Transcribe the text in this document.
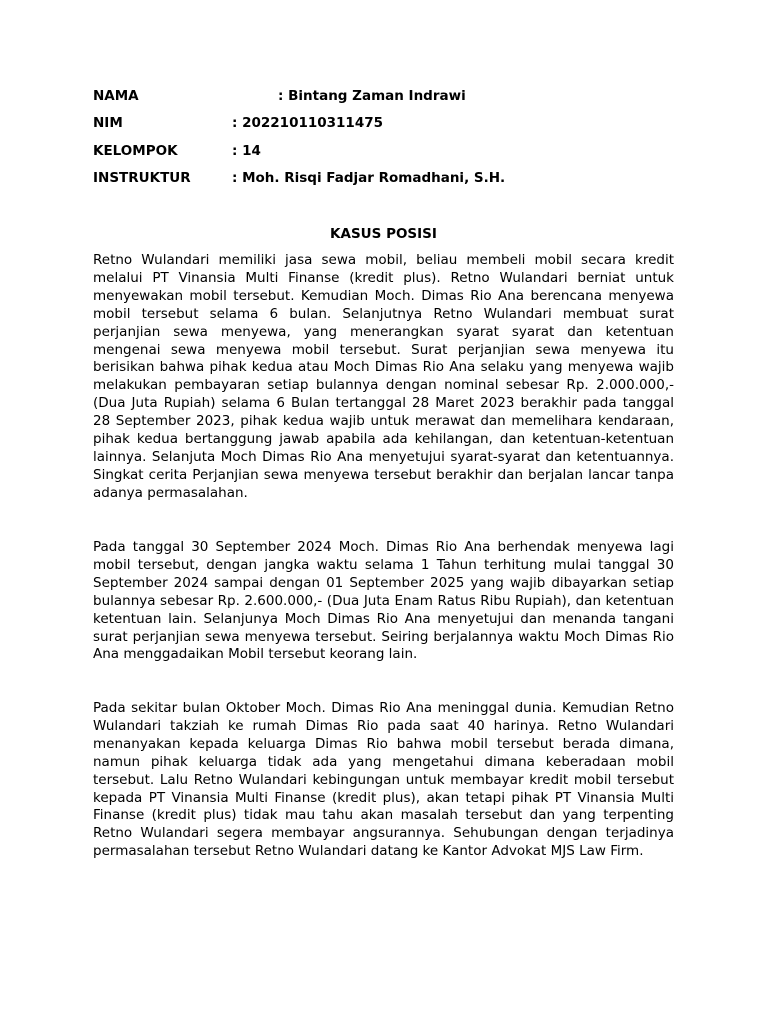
NAMA	: Bintang Zaman Indrawi
NIM	: 202210110311475
KELOMPOK	: 14
INSTRUKTUR	: Moh. Risqi Fadjar Romadhani, S.H.
KASUS POSISI

Retno Wulandari memiliki jasa sewa mobil, beliau membeli mobil secara kredit melalui PT Vinansia Multi Finanse (kredit plus). Retno Wulandari berniat untuk menyewakan mobil tersebut. Kemudian Moch. Dimas Rio Ana berencana menyewa mobil tersebut selama 6 bulan. Selanjutnya Retno Wulandari membuat surat perjanjian sewa menyewa, yang menerangkan syarat syarat dan ketentuan mengenai sewa menyewa mobil tersebut. Surat perjanjian sewa menyewa itu berisikan bahwa pihak kedua atau Moch Dimas Rio Ana selaku yang menyewa wajib melakukan pembayaran setiap bulannya dengan nominal sebesar Rp. 2.000.000,- (Dua Juta Rupiah) selama 6 Bulan tertanggal 28 Maret 2023 berakhir pada tanggal 28 September 2023, pihak kedua wajib untuk merawat dan memelihara kendaraan, pihak kedua bertanggung jawab apabila ada kehilangan, dan ketentuan-ketentuan lainnya. Selanjuta Moch Dimas Rio Ana menyetujui syarat-syarat dan ketentuannya. Singkat cerita Perjanjian sewa menyewa tersebut berakhir dan berjalan lancar tanpa adanya permasalahan.

Pada tanggal 30 September 2024 Moch. Dimas Rio Ana berhendak menyewa lagi mobil tersebut, dengan jangka waktu selama 1 Tahun terhitung mulai tanggal 30 September 2024 sampai dengan 01 September 2025 yang wajib dibayarkan setiap bulannya sebesar Rp. 2.600.000,- (Dua Juta Enam Ratus Ribu Rupiah), dan ketentuan ketentuan lain. Selanjunya Moch Dimas Rio Ana menyetujui dan menanda tangani surat perjanjian sewa menyewa tersebut. Seiring berjalannya waktu Moch Dimas Rio Ana menggadaikan Mobil tersebut keorang lain.

Pada sekitar bulan Oktober Moch. Dimas Rio Ana meninggal dunia. Kemudian Retno Wulandari takziah ke rumah Dimas Rio pada saat 40 harinya. Retno Wulandari menanyakan kepada keluarga Dimas Rio bahwa mobil tersebut berada dimana, namun pihak keluarga tidak ada yang mengetahui dimana keberadaan mobil tersebut. Lalu Retno Wulandari kebingungan untuk membayar kredit mobil tersebut kepada PT Vinansia Multi Finanse (kredit plus), akan tetapi pihak PT Vinansia Multi Finanse (kredit plus) tidak mau tahu akan masalah tersebut dan yang terpenting Retno Wulandari segera membayar angsurannya. Sehubungan dengan terjadinya permasalahan tersebut Retno Wulandari datang ke Kantor Advokat MJS Law Firm.
